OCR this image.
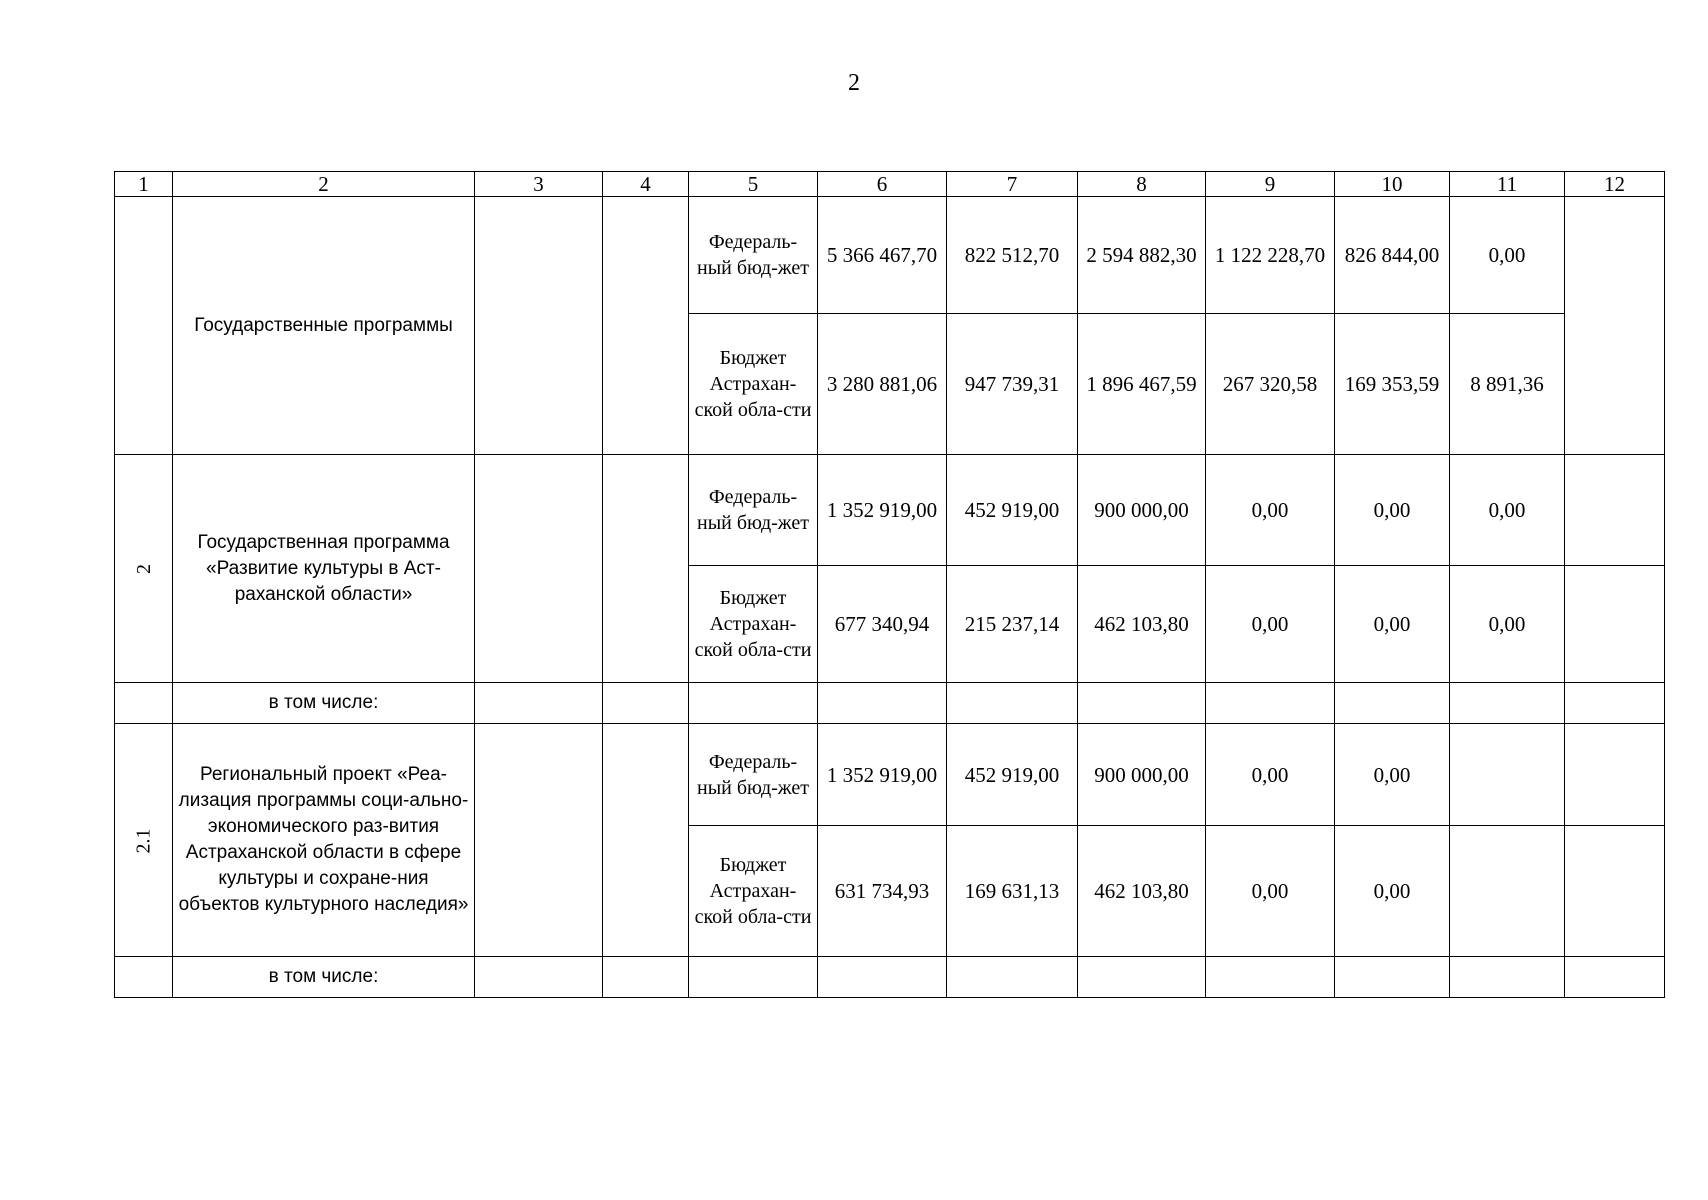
2
1	2	3	4	5	6	7	8	9	10	11	12
	Государственные программы			Федераль-ный бюд-жет	5 366 467,70	822 512,70	2 594 882,30	1 122 228,70	826 844,00	0,00	
				Бюджет Астрахан-ской обла-сти	3 280 881,06	947 739,31	1 896 467,59	267 320,58	169 353,59	8 891,36	
2	Государственная программа «Развитие культуры в Аст-раханской области»			Федераль-ный бюд-жет	1 352 919,00	452 919,00	900 000,00	0,00	0,00	0,00	
				Бюджет Астрахан-ской обла-сти	677 340,94	215 237,14	462 103,80	0,00	0,00	0,00	
	в том числе:										
2.1	Региональный проект «Реа-лизация программы соци-ально-экономического раз-вития Астраханской области в сфере культуры и сохране-ния объектов культурного наследия»			Федераль-ный бюд-жет	1 352 919,00	452 919,00	900 000,00	0,00	0,00		
				Бюджет Астрахан-ской обла-сти	631 734,93	169 631,13	462 103,80	0,00	0,00		
	в том числе:										
